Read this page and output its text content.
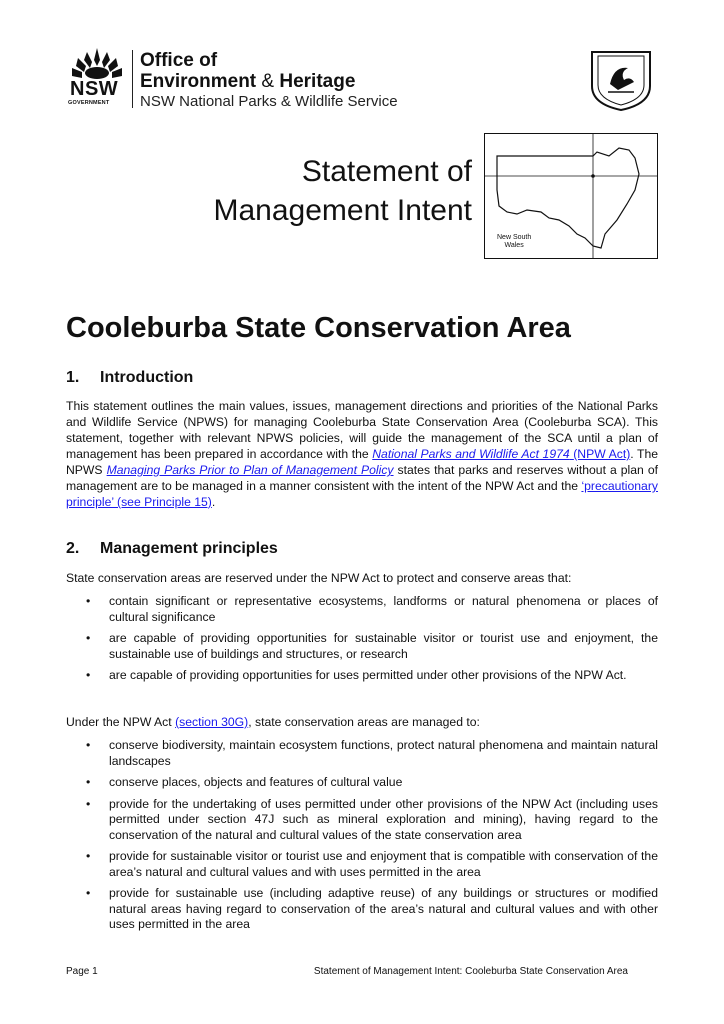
NSW
GOVERNMENT
Office of
Environment & Heritage
NSW National Parks & Wildlife Service
Statement of
Management Intent
New South
Wales
Cooleburba State Conservation Area
1. Introduction
This statement outlines the main values, issues, management directions and priorities of the National Parks and Wildlife Service (NPWS) for managing Cooleburba State Conservation Area (Cooleburba SCA). This statement, together with relevant NPWS policies, will guide the management of the SCA until a plan of management has been prepared in accordance with the National Parks and Wildlife Act 1974 (NPW Act). The NPWS Managing Parks Prior to Plan of Management Policy states that parks and reserves without a plan of management are to be managed in a manner consistent with the intent of the NPW Act and the ‘precautionary principle’ (see Principle 15).
2. Management principles
State conservation areas are reserved under the NPW Act to protect and conserve areas that:
• contain significant or representative ecosystems, landforms or natural phenomena or places of cultural significance
• are capable of providing opportunities for sustainable visitor or tourist use and enjoyment, the sustainable use of buildings and structures, or research
• are capable of providing opportunities for uses permitted under other provisions of the NPW Act.
Under the NPW Act (section 30G), state conservation areas are managed to:
• conserve biodiversity, maintain ecosystem functions, protect natural phenomena and maintain natural landscapes
• conserve places, objects and features of cultural value
• provide for the undertaking of uses permitted under other provisions of the NPW Act (including uses permitted under section 47J such as mineral exploration and mining), having regard to the conservation of the natural and cultural values of the state conservation area
• provide for sustainable visitor or tourist use and enjoyment that is compatible with conservation of the area’s natural and cultural values and with uses permitted in the area
• provide for sustainable use (including adaptive reuse) of any buildings or structures or modified natural areas having regard to conservation of the area’s natural and cultural values and with other uses permitted in the area
Page 1	Statement of Management Intent: Cooleburba State Conservation Area
